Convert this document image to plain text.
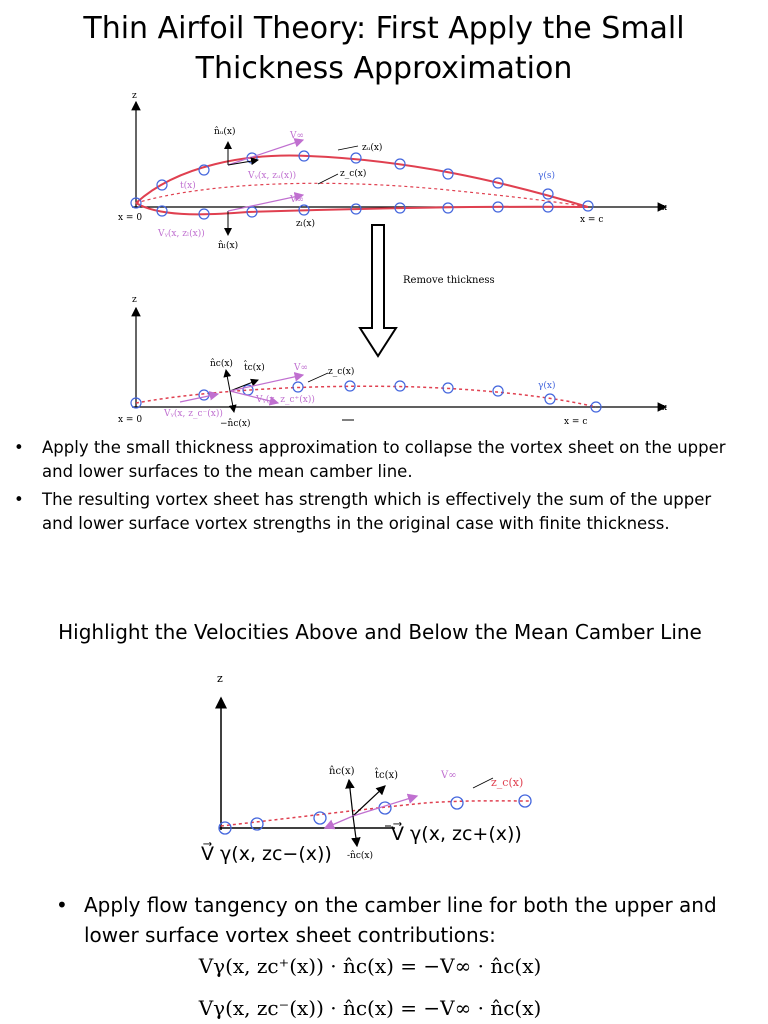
Thin Airfoil Theory: First Apply the Small
Thickness Approximation
z
x
x = 0	x = c
n̂ᵤ(x)	V∞
zᵤ(x)
Vᵧ(x, zᵤ(x))	z_c(x)
t(x)
γ(s)
zₗ(x)
Vᵧ(x, zₗ(x))
n̂ₗ(x)
V∞
Remove thickness
z
x
x = 0	x = c
n̂c(x) t̂c(x)	V∞ z_c(x)
γ(x)
Vᵧ(x, z_c⁺(x))
Vᵧ(x, z_c⁻(x))
−n̂c(x)
• Apply the small thickness approximation to collapse the vortex sheet on the upper and lower surfaces to the mean camber line.
• The resulting vortex sheet has strength which is effectively the sum of the upper and lower surface vortex strengths in the original case with finite thickness.
Highlight the Velocities Above and Below the Mean Camber Line
z
n̂c(x) t̂c(x)	V∞
z_c(x)
V⃗ γ(x, zc+(x))
V⃗ γ(x, zc−(x)) -n̂c(x)
• Apply flow tangency on the camber line for both the upper and lower surface vortex sheet contributions:
Vγ(x, zc⁺(x)) · n̂c(x) = −V∞ · n̂c(x)
Vγ(x, zc⁻(x)) · n̂c(x) = −V∞ · n̂c(x)
